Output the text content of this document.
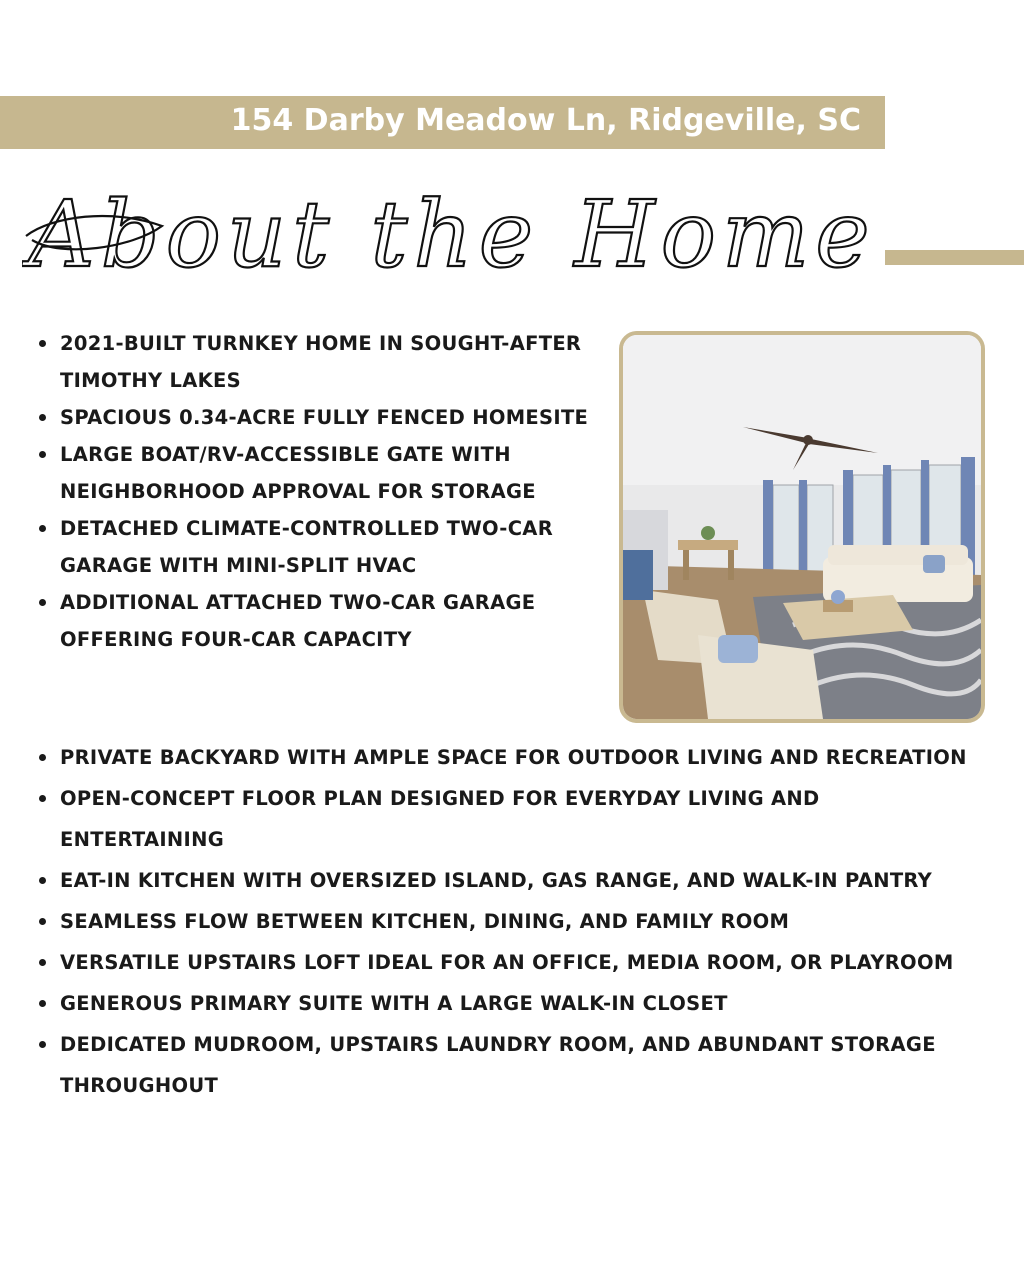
154 Darby Meadow Ln, Ridgeville, SC
About the Home
2021-BUILT TURNKEY HOME IN SOUGHT-AFTER TIMOTHY LAKES
SPACIOUS 0.34-ACRE FULLY FENCED HOMESITE
LARGE BOAT/RV-ACCESSIBLE GATE WITH NEIGHBORHOOD APPROVAL FOR STORAGE
DETACHED CLIMATE-CONTROLLED TWO-CAR GARAGE WITH MINI-SPLIT HVAC
ADDITIONAL ATTACHED TWO-CAR GARAGE OFFERING FOUR-CAR CAPACITY
PRIVATE BACKYARD WITH AMPLE SPACE FOR OUTDOOR LIVING AND RECREATION
OPEN-CONCEPT FLOOR PLAN DESIGNED FOR EVERYDAY LIVING AND ENTERTAINING
EAT-IN KITCHEN WITH OVERSIZED ISLAND, GAS RANGE, AND WALK-IN PANTRY
SEAMLESS FLOW BETWEEN KITCHEN, DINING, AND FAMILY ROOM
VERSATILE UPSTAIRS LOFT IDEAL FOR AN OFFICE, MEDIA ROOM, OR PLAYROOM
GENEROUS PRIMARY SUITE WITH A LARGE WALK-IN CLOSET
DEDICATED MUDROOM, UPSTAIRS LAUNDRY ROOM, AND ABUNDANT STORAGE THROUGHOUT
